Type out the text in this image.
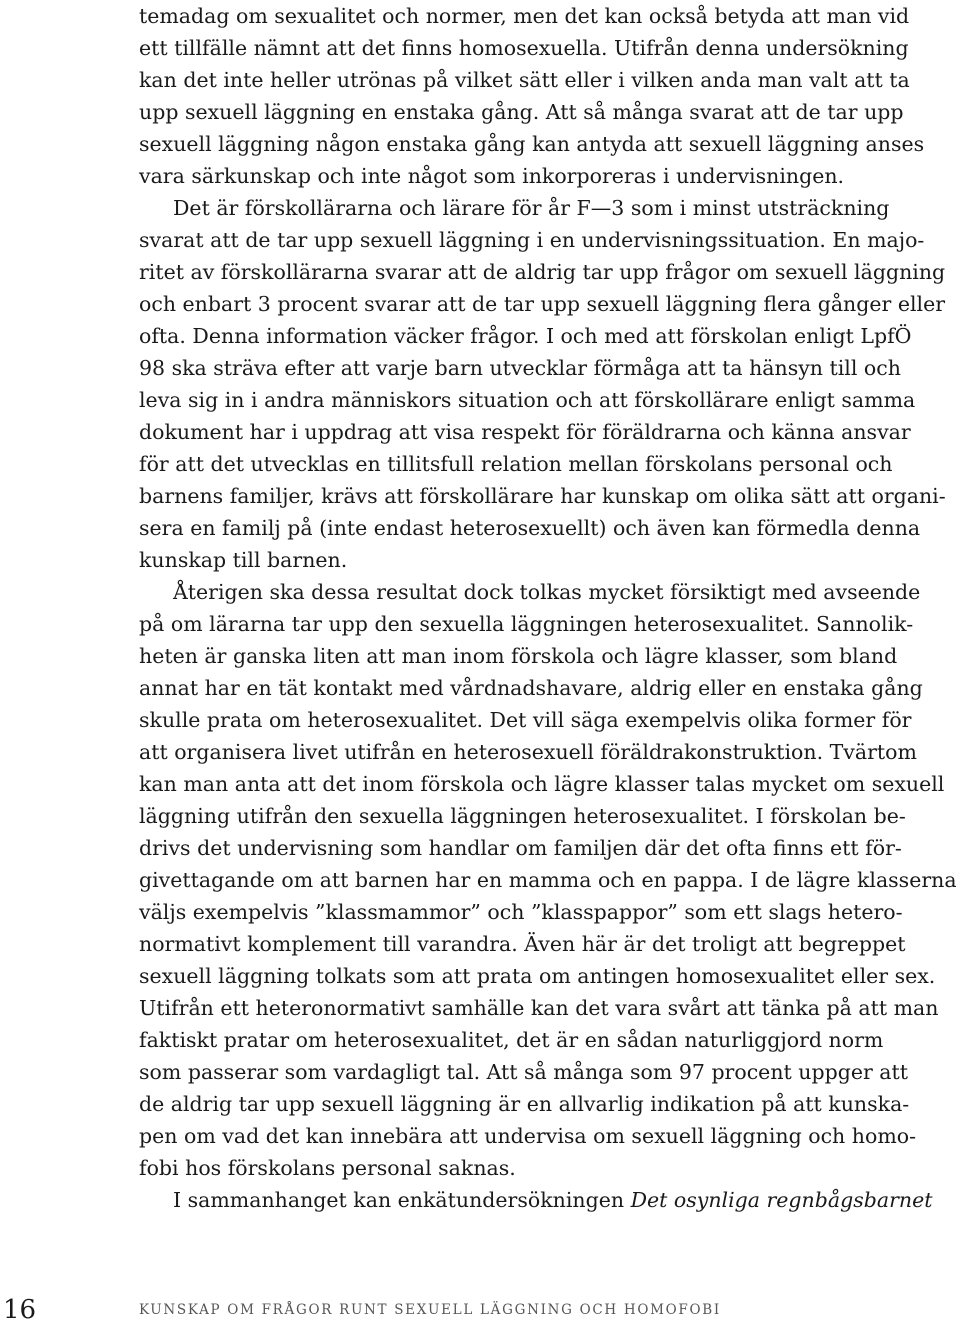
temadag om sexualitet och normer, men det kan också betyda att man vid
ett tillfälle nämnt att det finns homosexuella. Utifrån denna undersökning
kan det inte heller utrönas på vilket sätt eller i vilken anda man valt att ta
upp sexuell läggning en enstaka gång. Att så många svarat att de tar upp
sexuell läggning någon enstaka gång kan antyda att sexuell läggning anses
vara särkunskap och inte något som inkorporeras i undervisningen.
Det är förskollärarna och lärare för år F—3 som i minst utsträckning
svarat att de tar upp sexuell läggning i en undervisningssituation. En majo-
ritet av förskollärarna svarar att de aldrig tar upp frågor om sexuell läggning
och enbart 3 procent svarar att de tar upp sexuell läggning flera gånger eller
ofta. Denna information väcker frågor. I och med att förskolan enligt LpfÖ
98 ska sträva efter att varje barn utvecklar förmåga att ta hänsyn till och
leva sig in i andra människors situation och att förskollärare enligt samma
dokument har i uppdrag att visa respekt för föräldrarna och känna ansvar
för att det utvecklas en tillitsfull relation mellan förskolans personal och
barnens familjer, krävs att förskollärare har kunskap om olika sätt att organi-
sera en familj på (inte endast heterosexuellt) och även kan förmedla denna
kunskap till barnen.
Återigen ska dessa resultat dock tolkas mycket försiktigt med avseende
på om lärarna tar upp den sexuella läggningen heterosexualitet. Sannolik-
heten är ganska liten att man inom förskola och lägre klasser, som bland
annat har en tät kontakt med vårdnadshavare, aldrig eller en enstaka gång
skulle prata om heterosexualitet. Det vill säga exempelvis olika former för
att organisera livet utifrån en heterosexuell föräldrakonstruktion. Tvärtom
kan man anta att det inom förskola och lägre klasser talas mycket om sexuell
läggning utifrån den sexuella läggningen heterosexualitet. I förskolan be-
drivs det undervisning som handlar om familjen där det ofta finns ett för-
givettagande om att barnen har en mamma och en pappa. I de lägre klasserna
väljs exempelvis ”klassmammor” och ”klasspappor” som ett slags hetero-
normativt komplement till varandra. Även här är det troligt att begreppet
sexuell läggning tolkats som att prata om antingen homosexualitet eller sex.
Utifrån ett heteronormativt samhälle kan det vara svårt att tänka på att man
faktiskt pratar om heterosexualitet, det är en sådan naturliggjord norm
som passerar som vardagligt tal. Att så många som 97 procent uppger att
de aldrig tar upp sexuell läggning är en allvarlig indikation på att kunska-
pen om vad det kan innebära att undervisa om sexuell läggning och homo-
fobi hos förskolans personal saknas.
I sammanhanget kan enkätundersökningen Det osynliga regnbågsbarnet
16	KUNSKAP OM FRÅGOR RUNT SEXUELL LÄGGNING OCH HOMOFOBI
